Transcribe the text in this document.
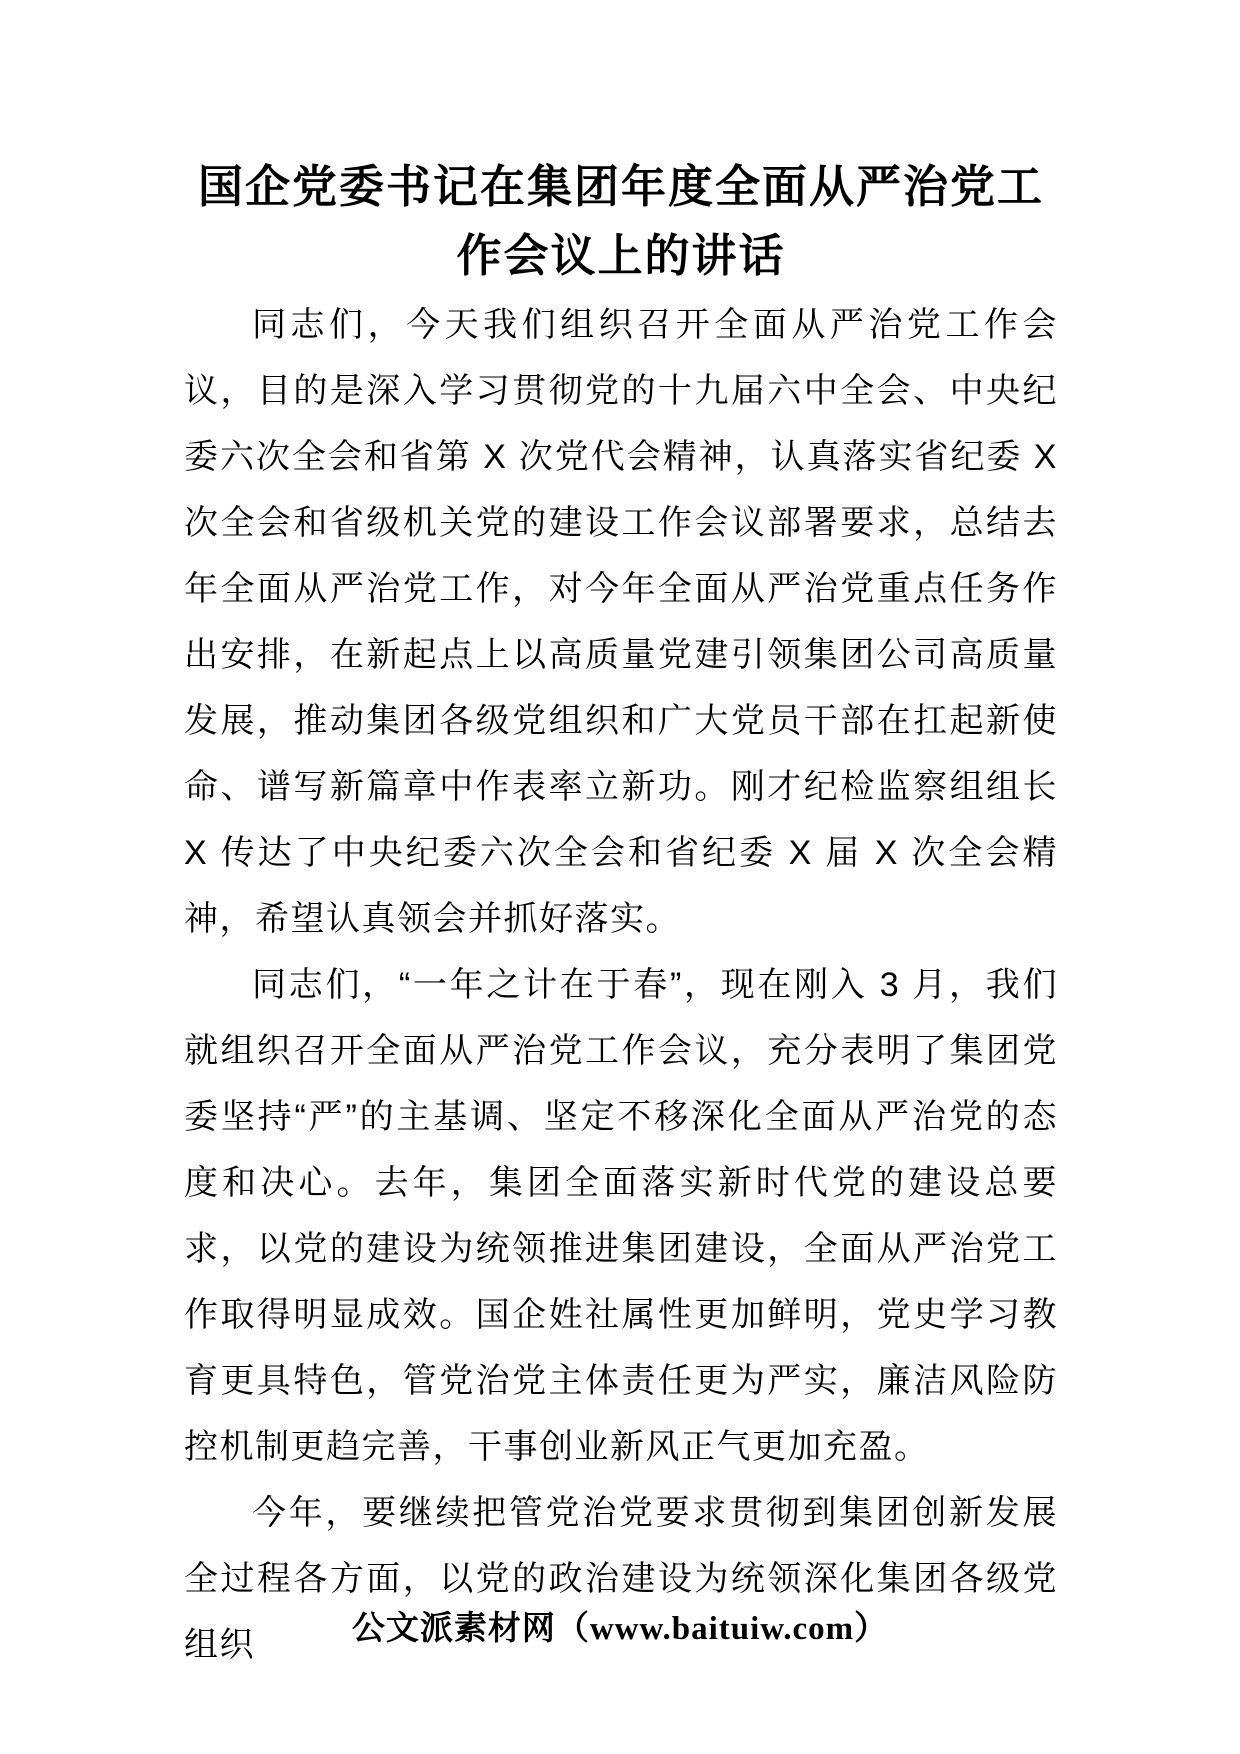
国企党委书记在集团年度全面从严治党工作会议上的讲话

同志们，今天我们组织召开全面从严治党工作会议，目的是深入学习贯彻党的十九届六中全会、中央纪委六次全会和省第 X 次党代会精神，认真落实省纪委 X 次全会和省级机关党的建设工作会议部署要求，总结去年全面从严治党工作，对今年全面从严治党重点任务作出安排，在新起点上以高质量党建引领集团公司高质量发展，推动集团各级党组织和广大党员干部在扛起新使命、谱写新篇章中作表率立新功。刚才纪检监察组组长 X 传达了中央纪委六次全会和省纪委 X 届 X 次全会精神，希望认真领会并抓好落实。

同志们，“一年之计在于春”，现在刚入 3 月，我们就组织召开全面从严治党工作会议，充分表明了集团党委坚持“严”的主基调、坚定不移深化全面从严治党的态度和决心。去年，集团全面落实新时代党的建设总要求，以党的建设为统领推进集团建设，全面从严治党工作取得明显成效。国企姓社属性更加鲜明，党史学习教育更具特色，管党治党主体责任更为严实，廉洁风险防控机制更趋完善，干事创业新风正气更加充盈。

今年，要继续把管党治党要求贯彻到集团创新发展全过程各方面，以党的政治建设为统领深化集团各级党组织	公文派素材网（www.baituiw.com）
